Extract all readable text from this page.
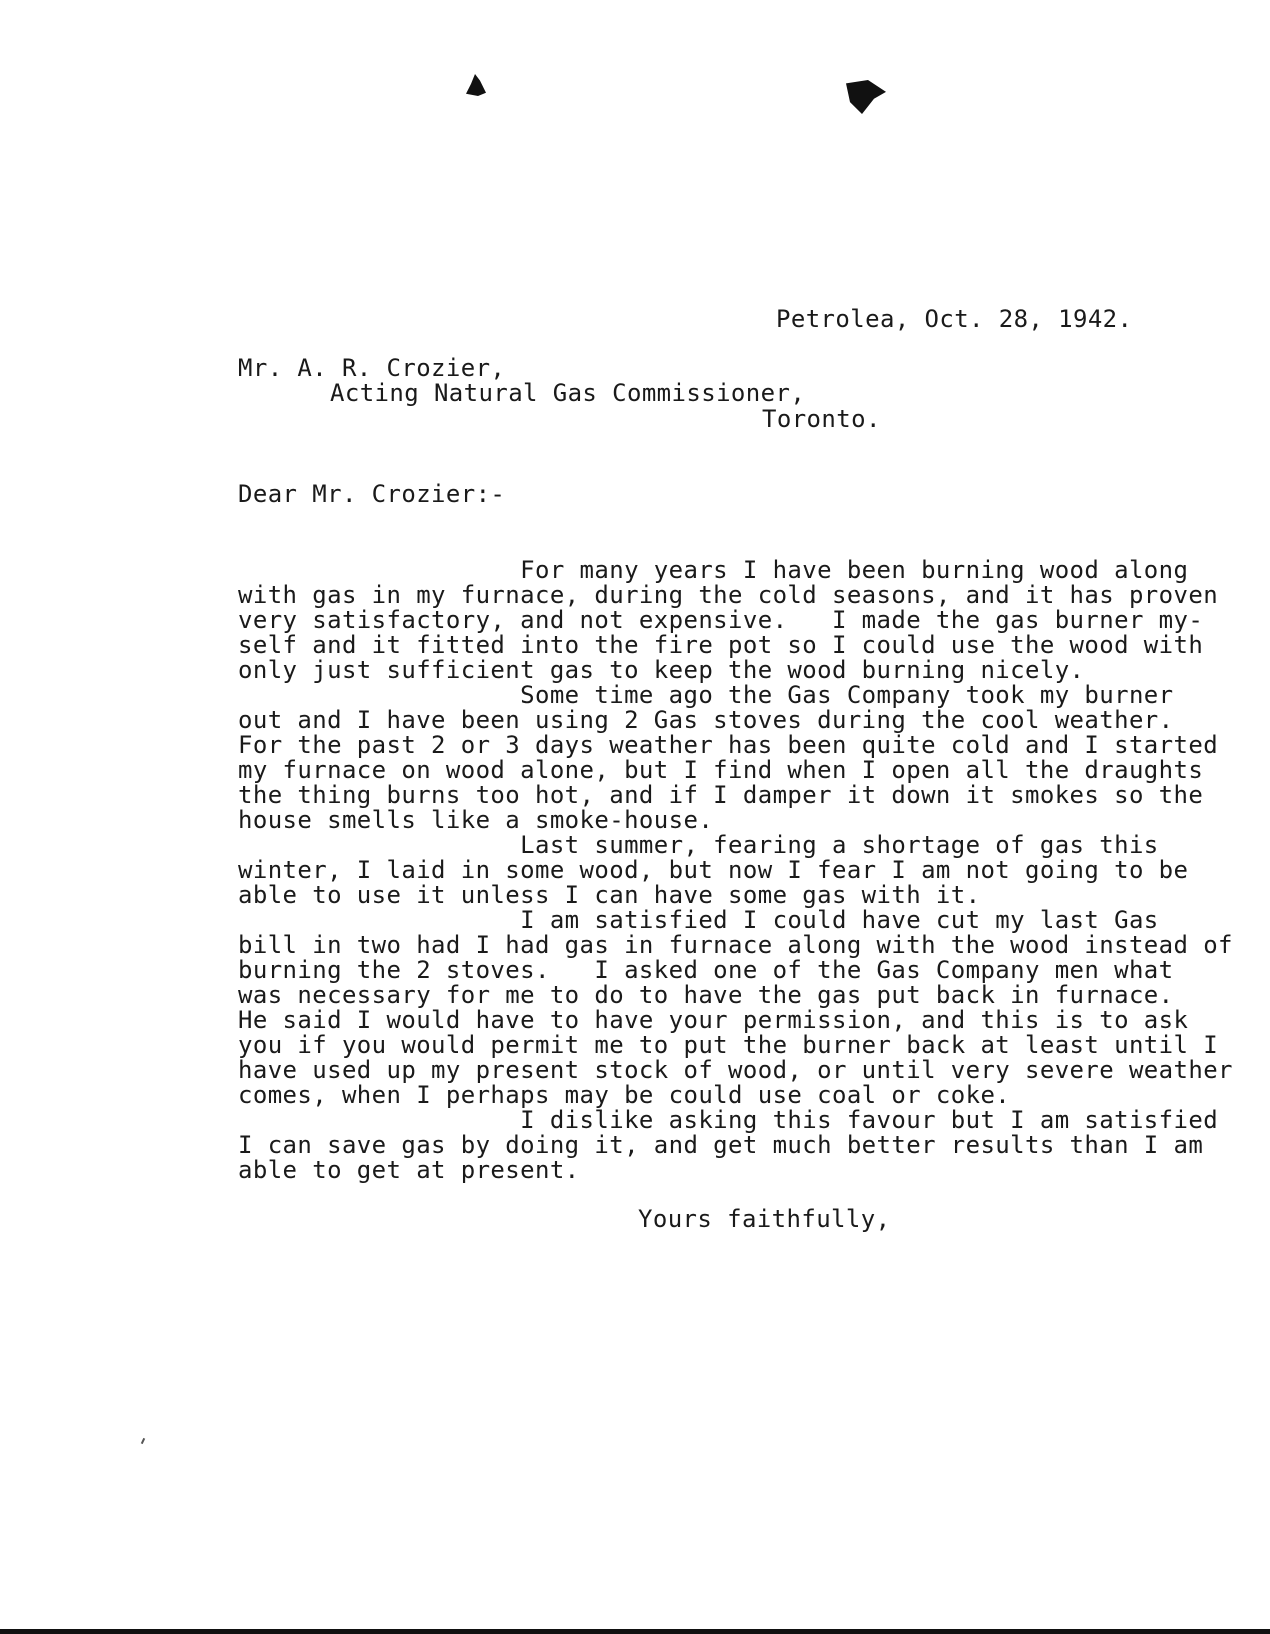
Petrolea, Oct. 28, 1942.

Mr. A. R. Crozier,

Acting Natural Gas Commissioner,

Toronto.

Dear Mr. Crozier:-

For many years I have been burning wood along
with gas in my furnace, during the cold seasons, and it has proven
very satisfactory, and not expensive.   I made the gas burner my-
self and it fitted into the fire pot so I could use the wood with
only just sufficient gas to keep the wood burning nicely.
Some time ago the Gas Company took my burner
out and I have been using 2 Gas stoves during the cool weather.
For the past 2 or 3 days weather has been quite cold and I started
my furnace on wood alone, but I find when I open all the draughts
the thing burns too hot, and if I damper it down it smokes so the
house smells like a smoke-house.
Last summer, fearing a shortage of gas this
winter, I laid in some wood, but now I fear I am not going to be
able to use it unless I can have some gas with it.
I am satisfied I could have cut my last Gas
bill in two had I had gas in furnace along with the wood instead of
burning the 2 stoves.   I asked one of the Gas Company men what
was necessary for me to do to have the gas put back in furnace.
He said I would have to have your permission, and this is to ask
you if you would permit me to put the burner back at least until I
have used up my present stock of wood, or until very severe weather
comes, when I perhaps may be could use coal or coke.
I dislike asking this favour but I am satisfied
I can save gas by doing it, and get much better results than I am
able to get at present.

Yours faithfully,
